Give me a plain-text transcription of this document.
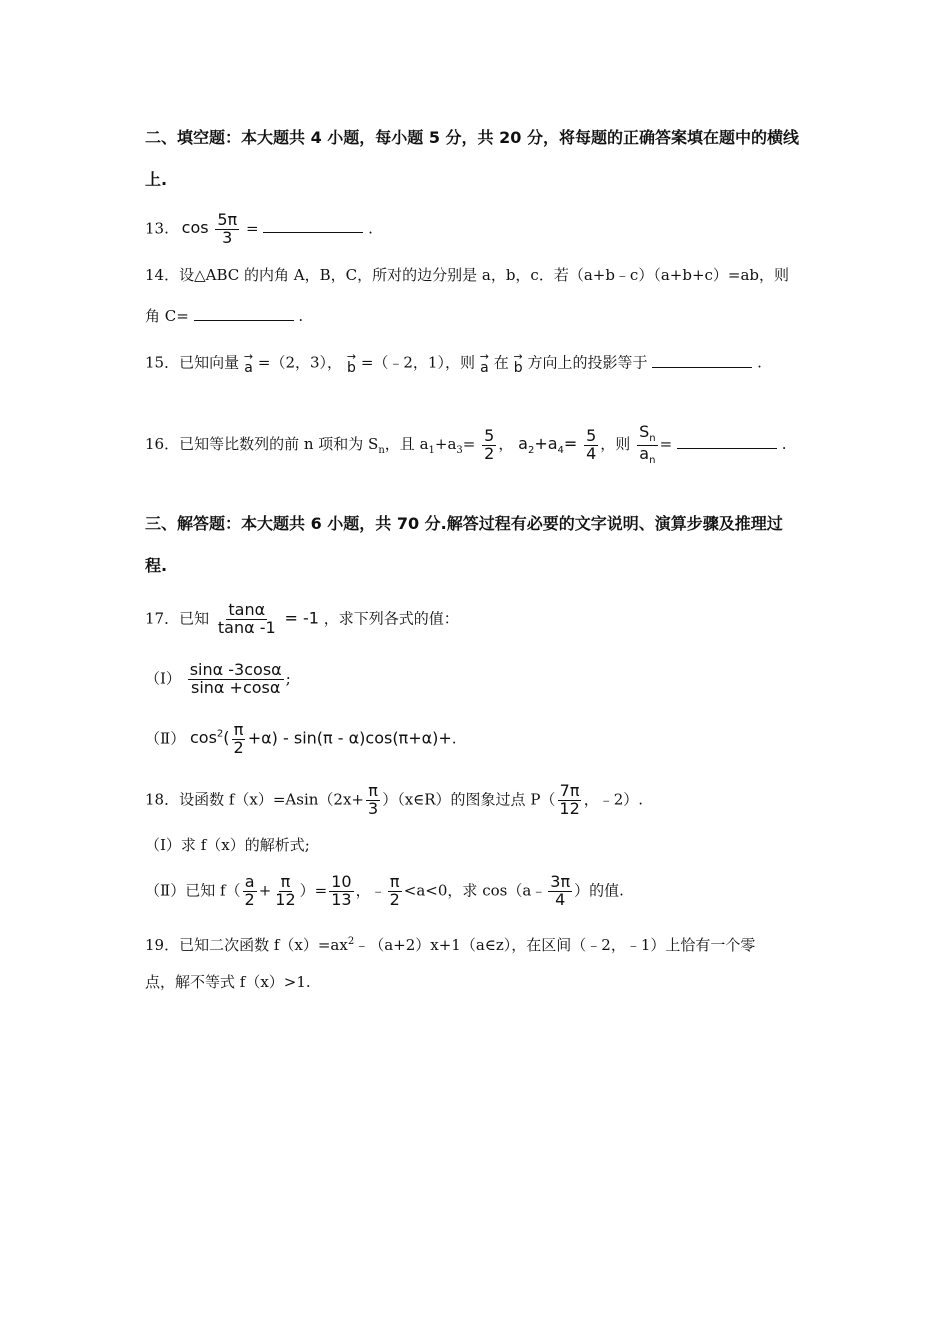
二、填空题：本大题共 4 小题，每小题 5 分，共 20 分，将每题的正确答案填在题中的横线
上.
13. $\cos \frac{5\pi}{3}$ =	.
14．设△ABC 的内角 A，B，C，所对的边分别是 a，b，c．若（a+b﹣c）（a+b+c）=ab，则
角 C=	.
15．已知向量 →
a =（2，3）， →
b =（﹣2，1），则 →
a 在 →
b 方向上的投影等于	.
16．已知等比数列的前 n 项和为 $S_n$，且 $a_1+a_3= \frac{5}{2}$ ， $a_2+a_4= \frac{5}{4}$ ，则 $\frac{S_n}{a_n}$ =	.
三、解答题：本大题共 6 小题，共 70 分.解答过程有必要的文字说明、演算步骤及推理过
程.
17．已知 $\frac{\tan\alpha}{\tan\alpha -1} = -1$ ，求下列各式的值：
（Ⅰ） $\frac{\sin\alpha -3\cos\alpha}{\sin\alpha +\cos\alpha}$ ;
（Ⅱ） $\cos^2( \frac{\pi}{2} +\alpha) - \sin(\pi - \alpha)\cos(\pi+\alpha)+$.
18．设函数 $f(x)=Asin(2x+ \frac{\pi}{3}$ ）（x∈R）的图象过点 $P( \frac{7\pi}{12}$ ，﹣2）.
（Ⅰ）求 f（x）的解析式;
（Ⅱ）已知 $f( \frac{a}{2} + \frac{\pi}{12}$ ）= $\frac{10}{13}$ ，﹣ $\frac{\pi}{2} <a<0$，求 cos（a﹣ $\frac{3\pi}{4}$ ）的值.
19．已知二次函数 $f(x)=ax^2﹣(a+2)x+1(a\in z)$，在区间（﹣2，﹣1）上恰有一个零
点，解不等式 f（x）>1.
